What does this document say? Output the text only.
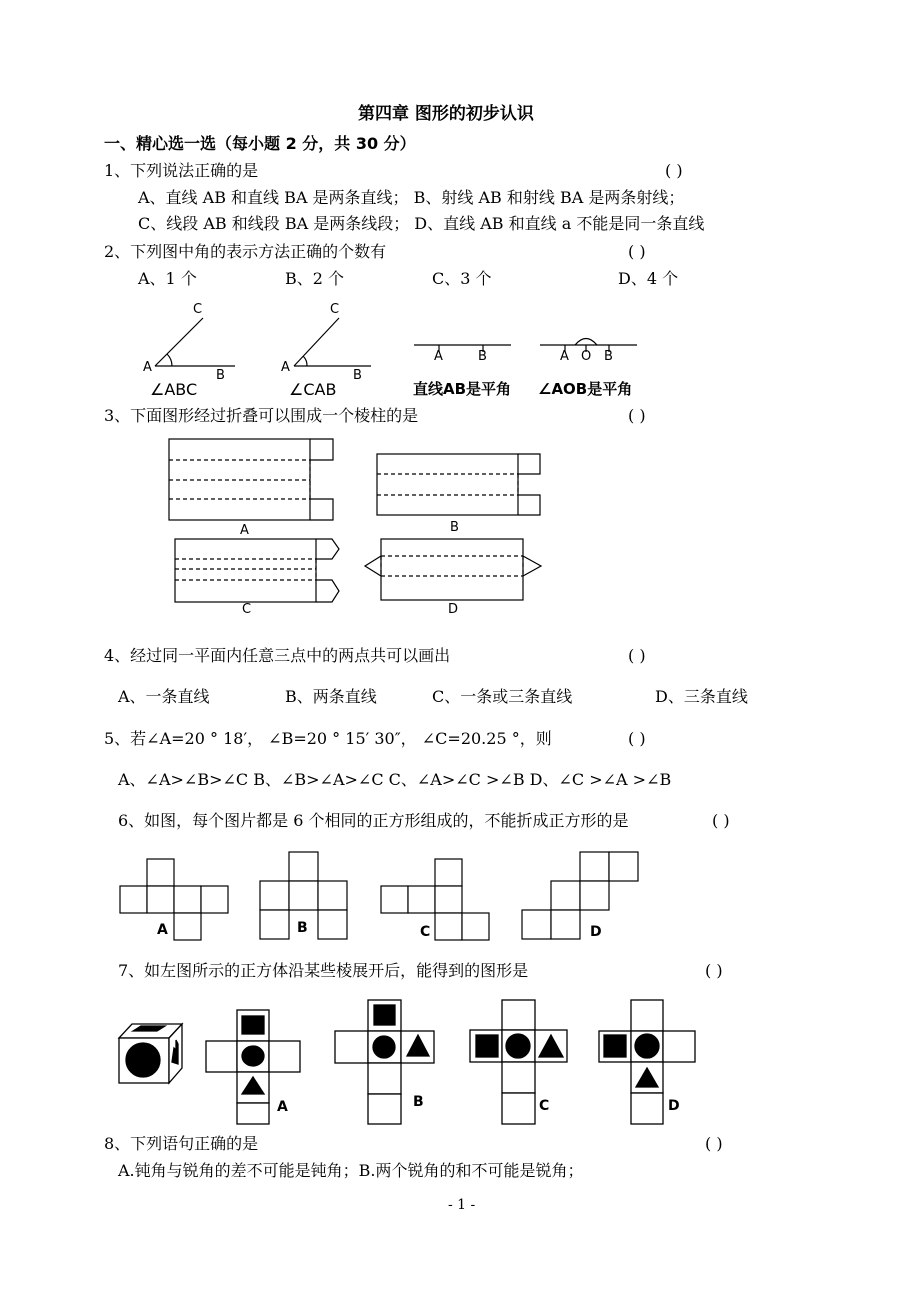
第四章 图形的初步认识
一、精心选一选（每小题 2 分，共 30 分）
1、下列说法正确的是	( )
A、直线 AB 和直线 BA 是两条直线； B、射线 AB 和射线 BA 是两条射线；
C、线段 AB 和线段 BA 是两条线段； D、直线 AB 和直线 a 不能是同一条直线
2、下列图中角的表示方法正确的个数有	( )
A、1 个	B、2 个	C、3 个	D、4 个
C
A
B
∠ABC
C
A
B
∠CAB
A	B
直线AB是平角
A O B
∠AOB是平角
3、下面图形经过折叠可以围成一个棱柱的是	( )
A	B
C	D
4、经过同一平面内任意三点中的两点共可以画出	( )
A、一条直线	B、两条直线	C、一条或三条直线	D、三条直线
5、若∠A=20 ° 18′， ∠B=20 ° 15′ 30″， ∠C=20.25 °，则	( )
A、∠A>∠B>∠C B、∠B>∠A>∠C C、∠A>∠C >∠B D、∠C >∠A >∠B
6、如图，每个图片都是 6 个相同的正方形组成的，不能折成正方形的是	( )
A	B	C	D
7、如左图所示的正方体沿某些棱展开后，能得到的图形是	( )
A	B	C	D
8、下列语句正确的是	( )
A.钝角与锐角的差不可能是钝角；B.两个锐角的和不可能是锐角；
- 1 -
